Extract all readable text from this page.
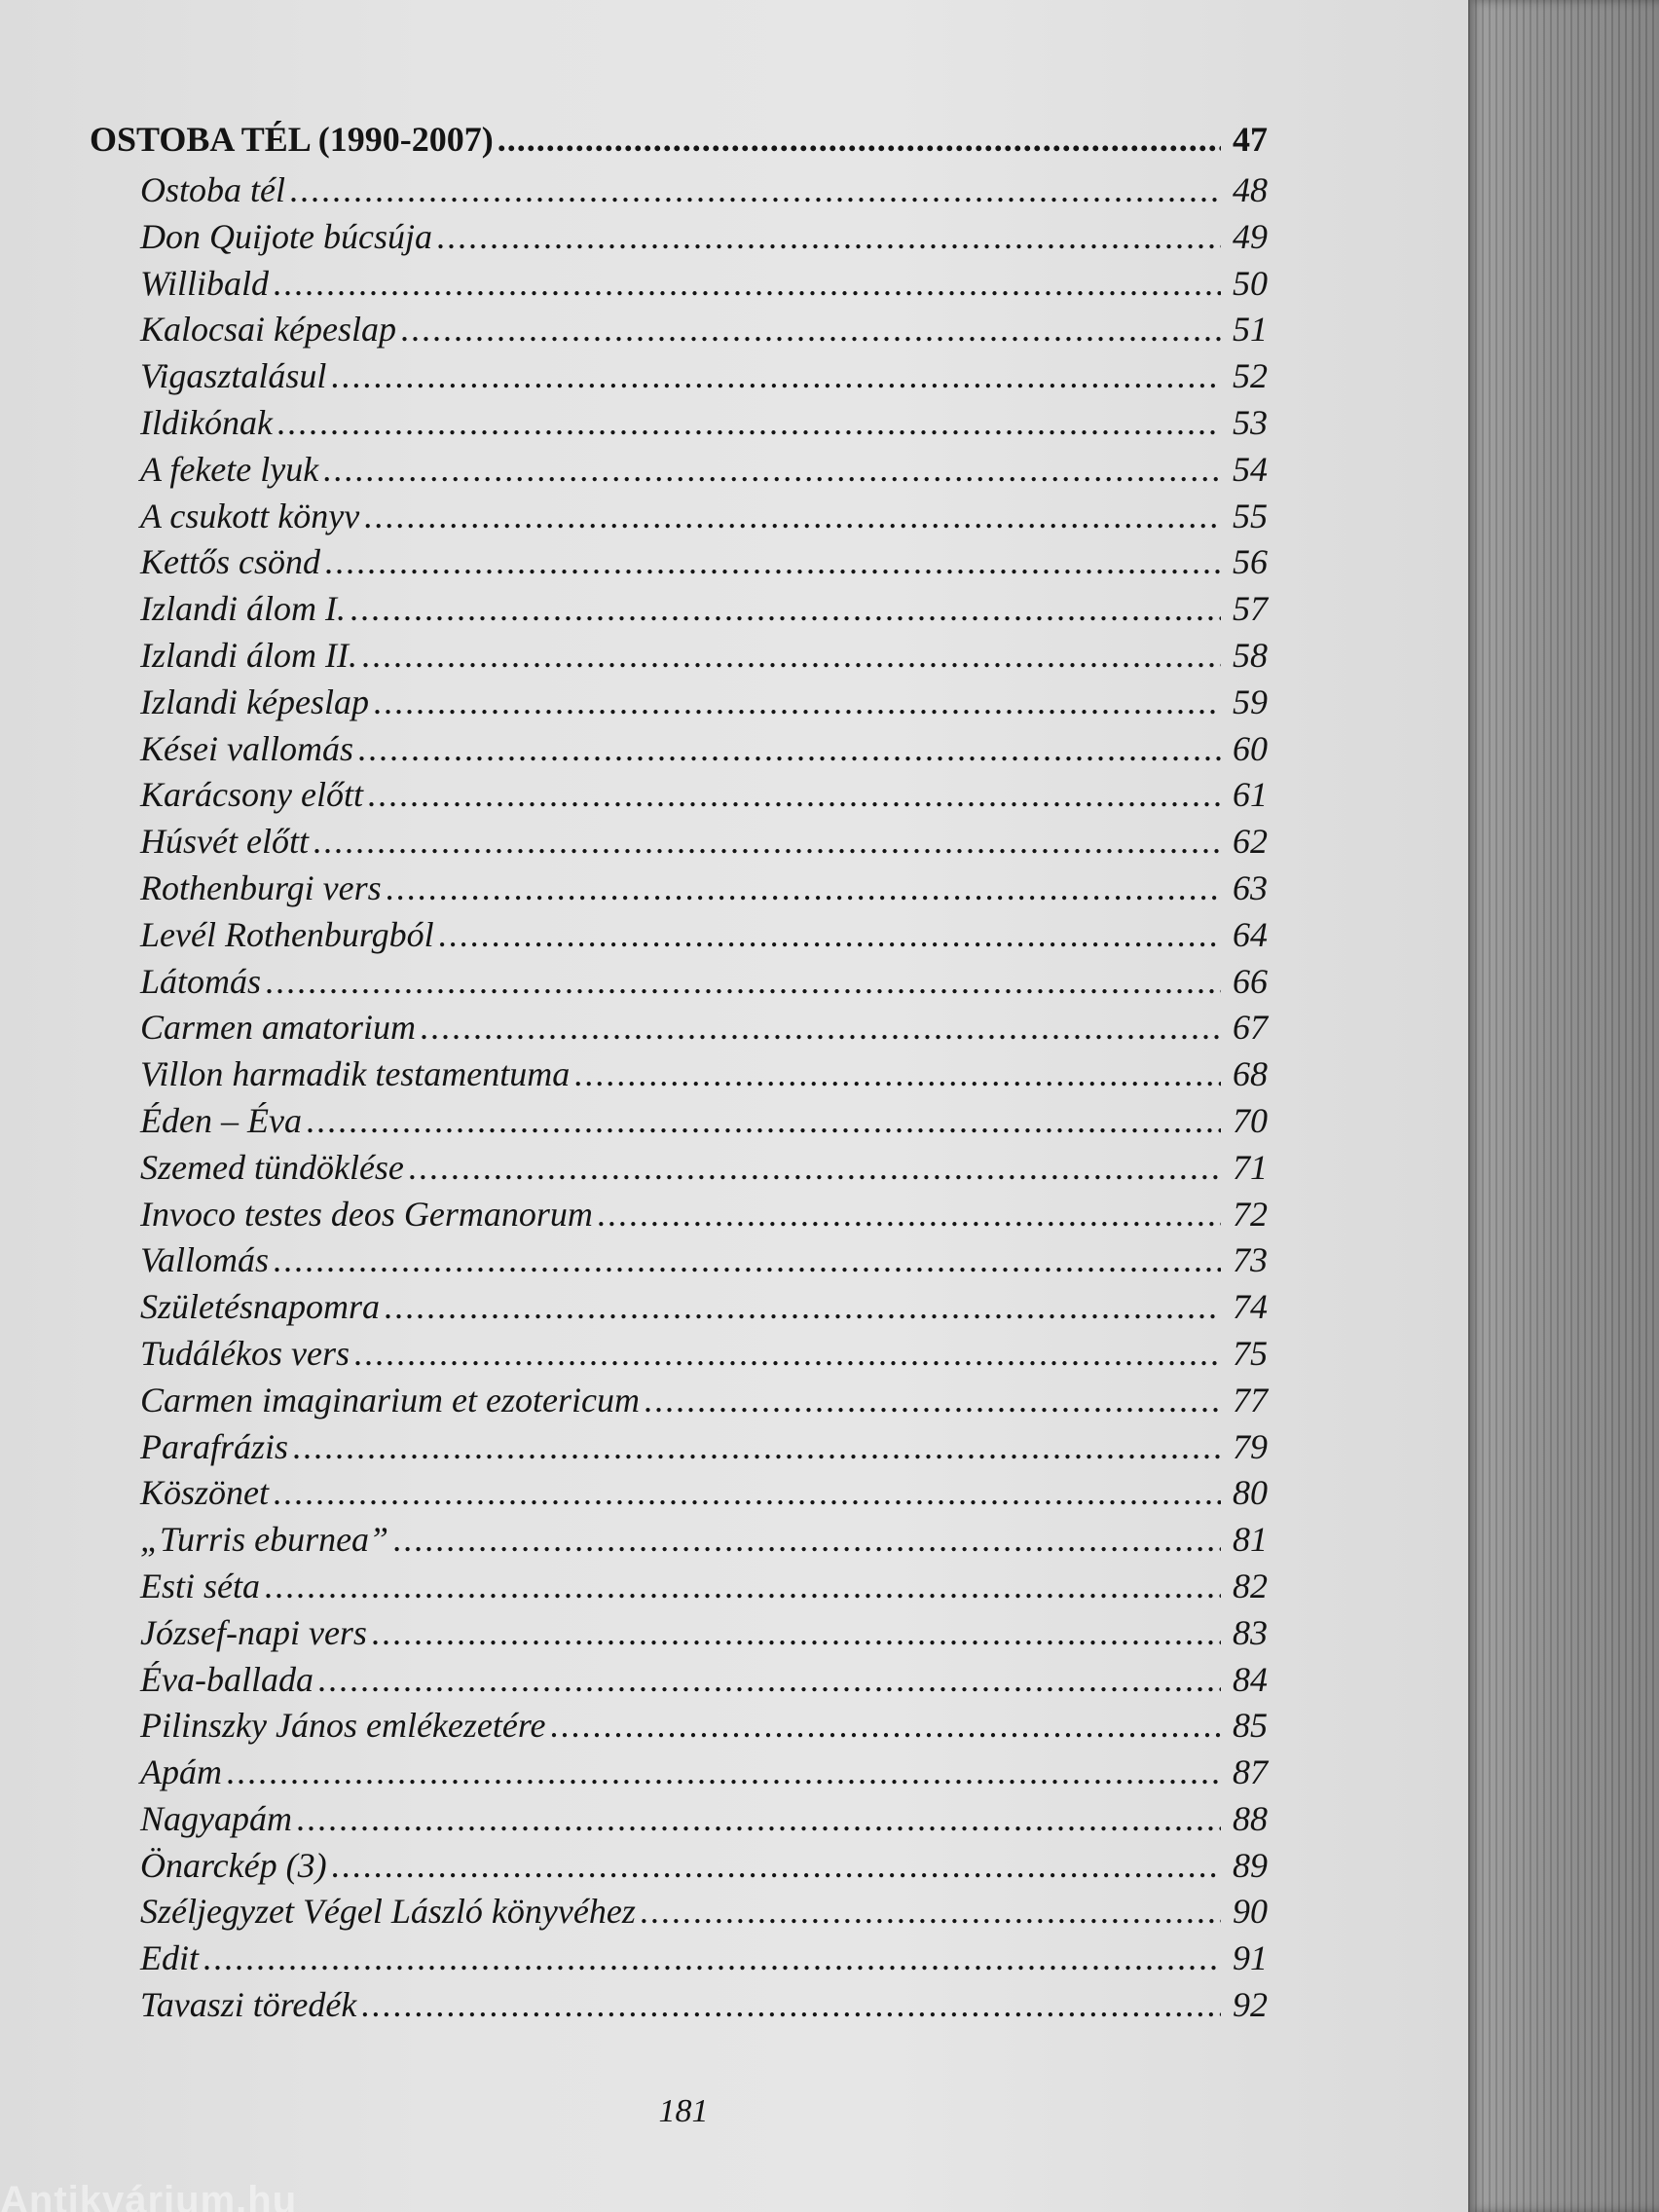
OSTOBA TÉL (1990-2007) .....	47
Ostoba tél .....	48
Don Quijote búcsúja .....	49
Willibald .....	50
Kalocsai képeslap .....	51
Vigasztalásul .....	52
Ildikónak .....	53
A fekete lyuk .....	54
A csukott könyv .....	55
Kettős csönd .....	56
Izlandi álom I. .....	57
Izlandi álom II. .....	58
Izlandi képeslap .....	59
Kései vallomás .....	60
Karácsony előtt .....	61
Húsvét előtt .....	62
Rothenburgi vers .....	63
Levél Rothenburgból .....	64
Látomás .....	66
Carmen amatorium .....	67
Villon harmadik testamentuma .....	68
Éden – Éva .....	70
Szemed tündöklése .....	71
Invoco testes deos Germanorum .....	72
Vallomás .....	73
Születésnapomra .....	74
Tudálékos vers .....	75
Carmen imaginarium et ezotericum .....	77
Parafrázis .....	79
Köszönet .....	80
„Turris eburnea” .....	81
Esti séta .....	82
József-napi vers .....	83
Éva-ballada .....	84
Pilinszky János emlékezetére .....	85
Apám .....	87
Nagyapám .....	88
Önarckép (3) .....	89
Széljegyzet Végel László könyvéhez .....	90
Edit .....	91
Tavaszi töredék .....	92
181
Antikvárium.hu
